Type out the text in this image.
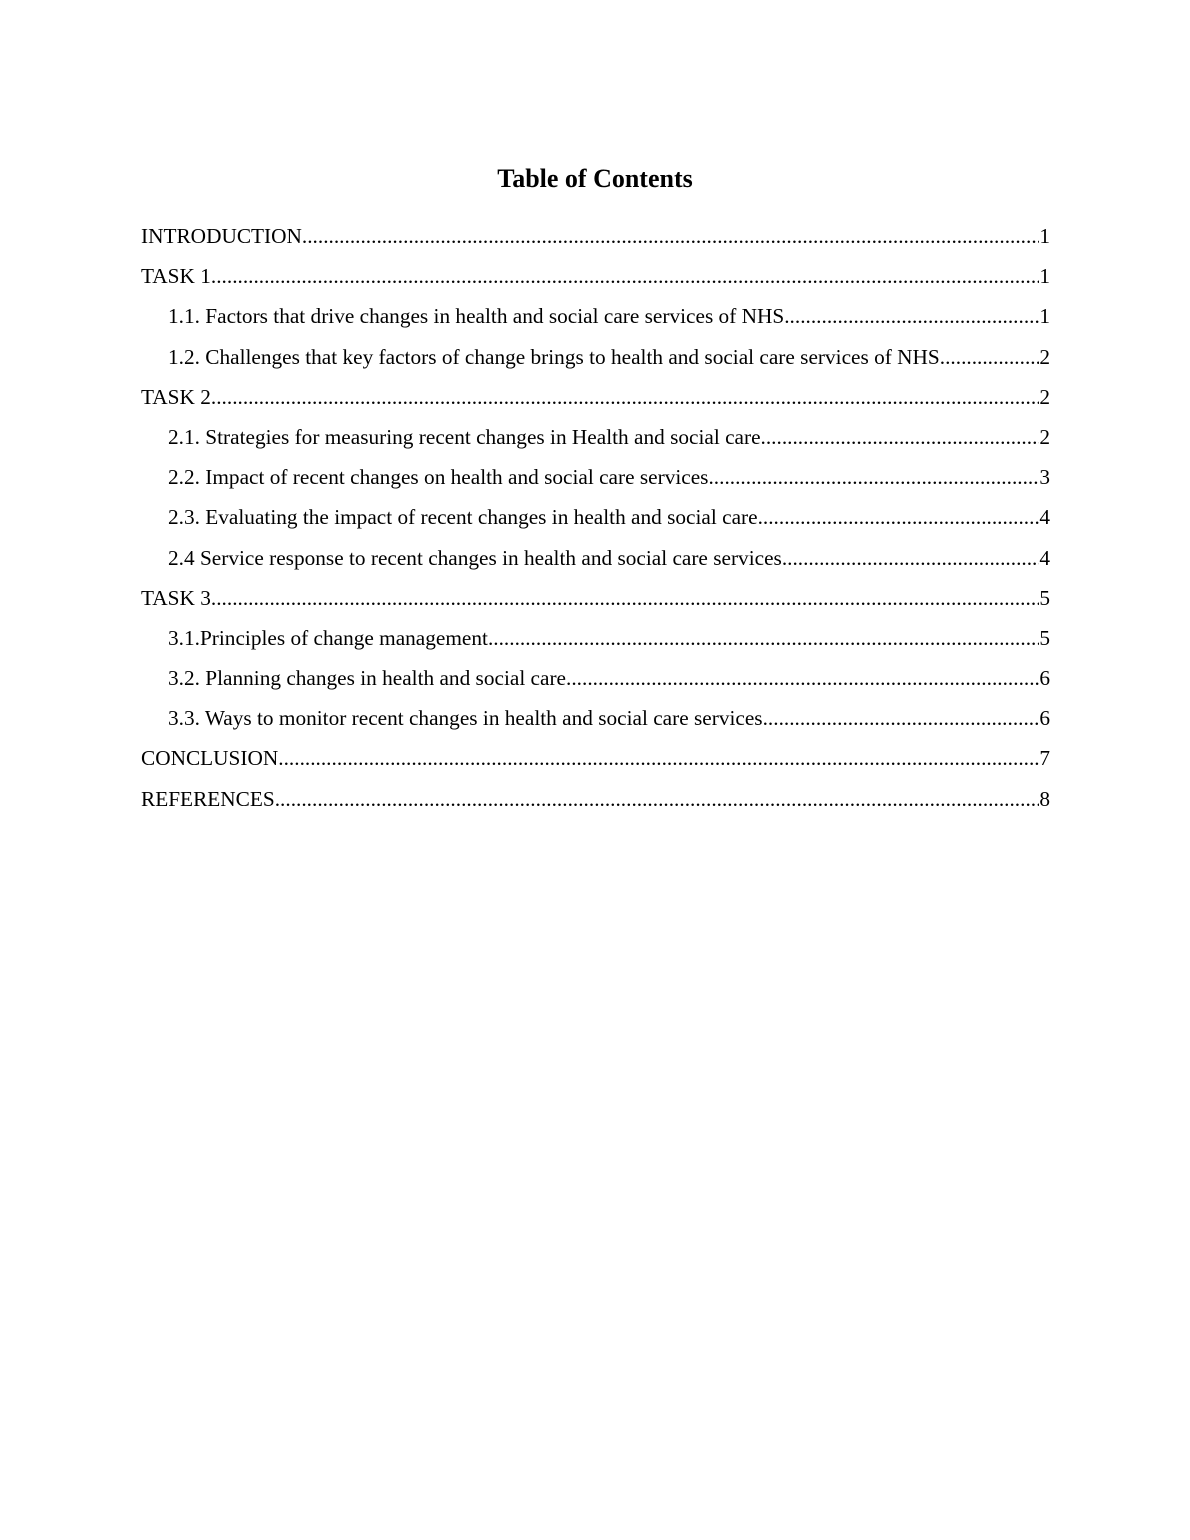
Table of Contents
INTRODUCTION .....	1
TASK 1 .....	1
1.1. Factors that drive changes in health and social care services of NHS .....	1
1.2. Challenges that key factors of change brings to health and social care services of NHS .....	2
TASK 2 .....	2
2.1. Strategies for measuring recent changes in Health and social care .....	2
2.2. Impact of recent changes on health and social care services .....	3
2.3. Evaluating the impact of recent changes in health and social care .....	4
2.4 Service response to recent changes in health and social care services .....	4
TASK 3 .....	5
3.1.Principles of change management .....	5
3.2. Planning changes in health and social care .....	6
3.3. Ways to monitor recent changes in health and social care services .....	6
CONCLUSION .....	7
REFERENCES .....	8
